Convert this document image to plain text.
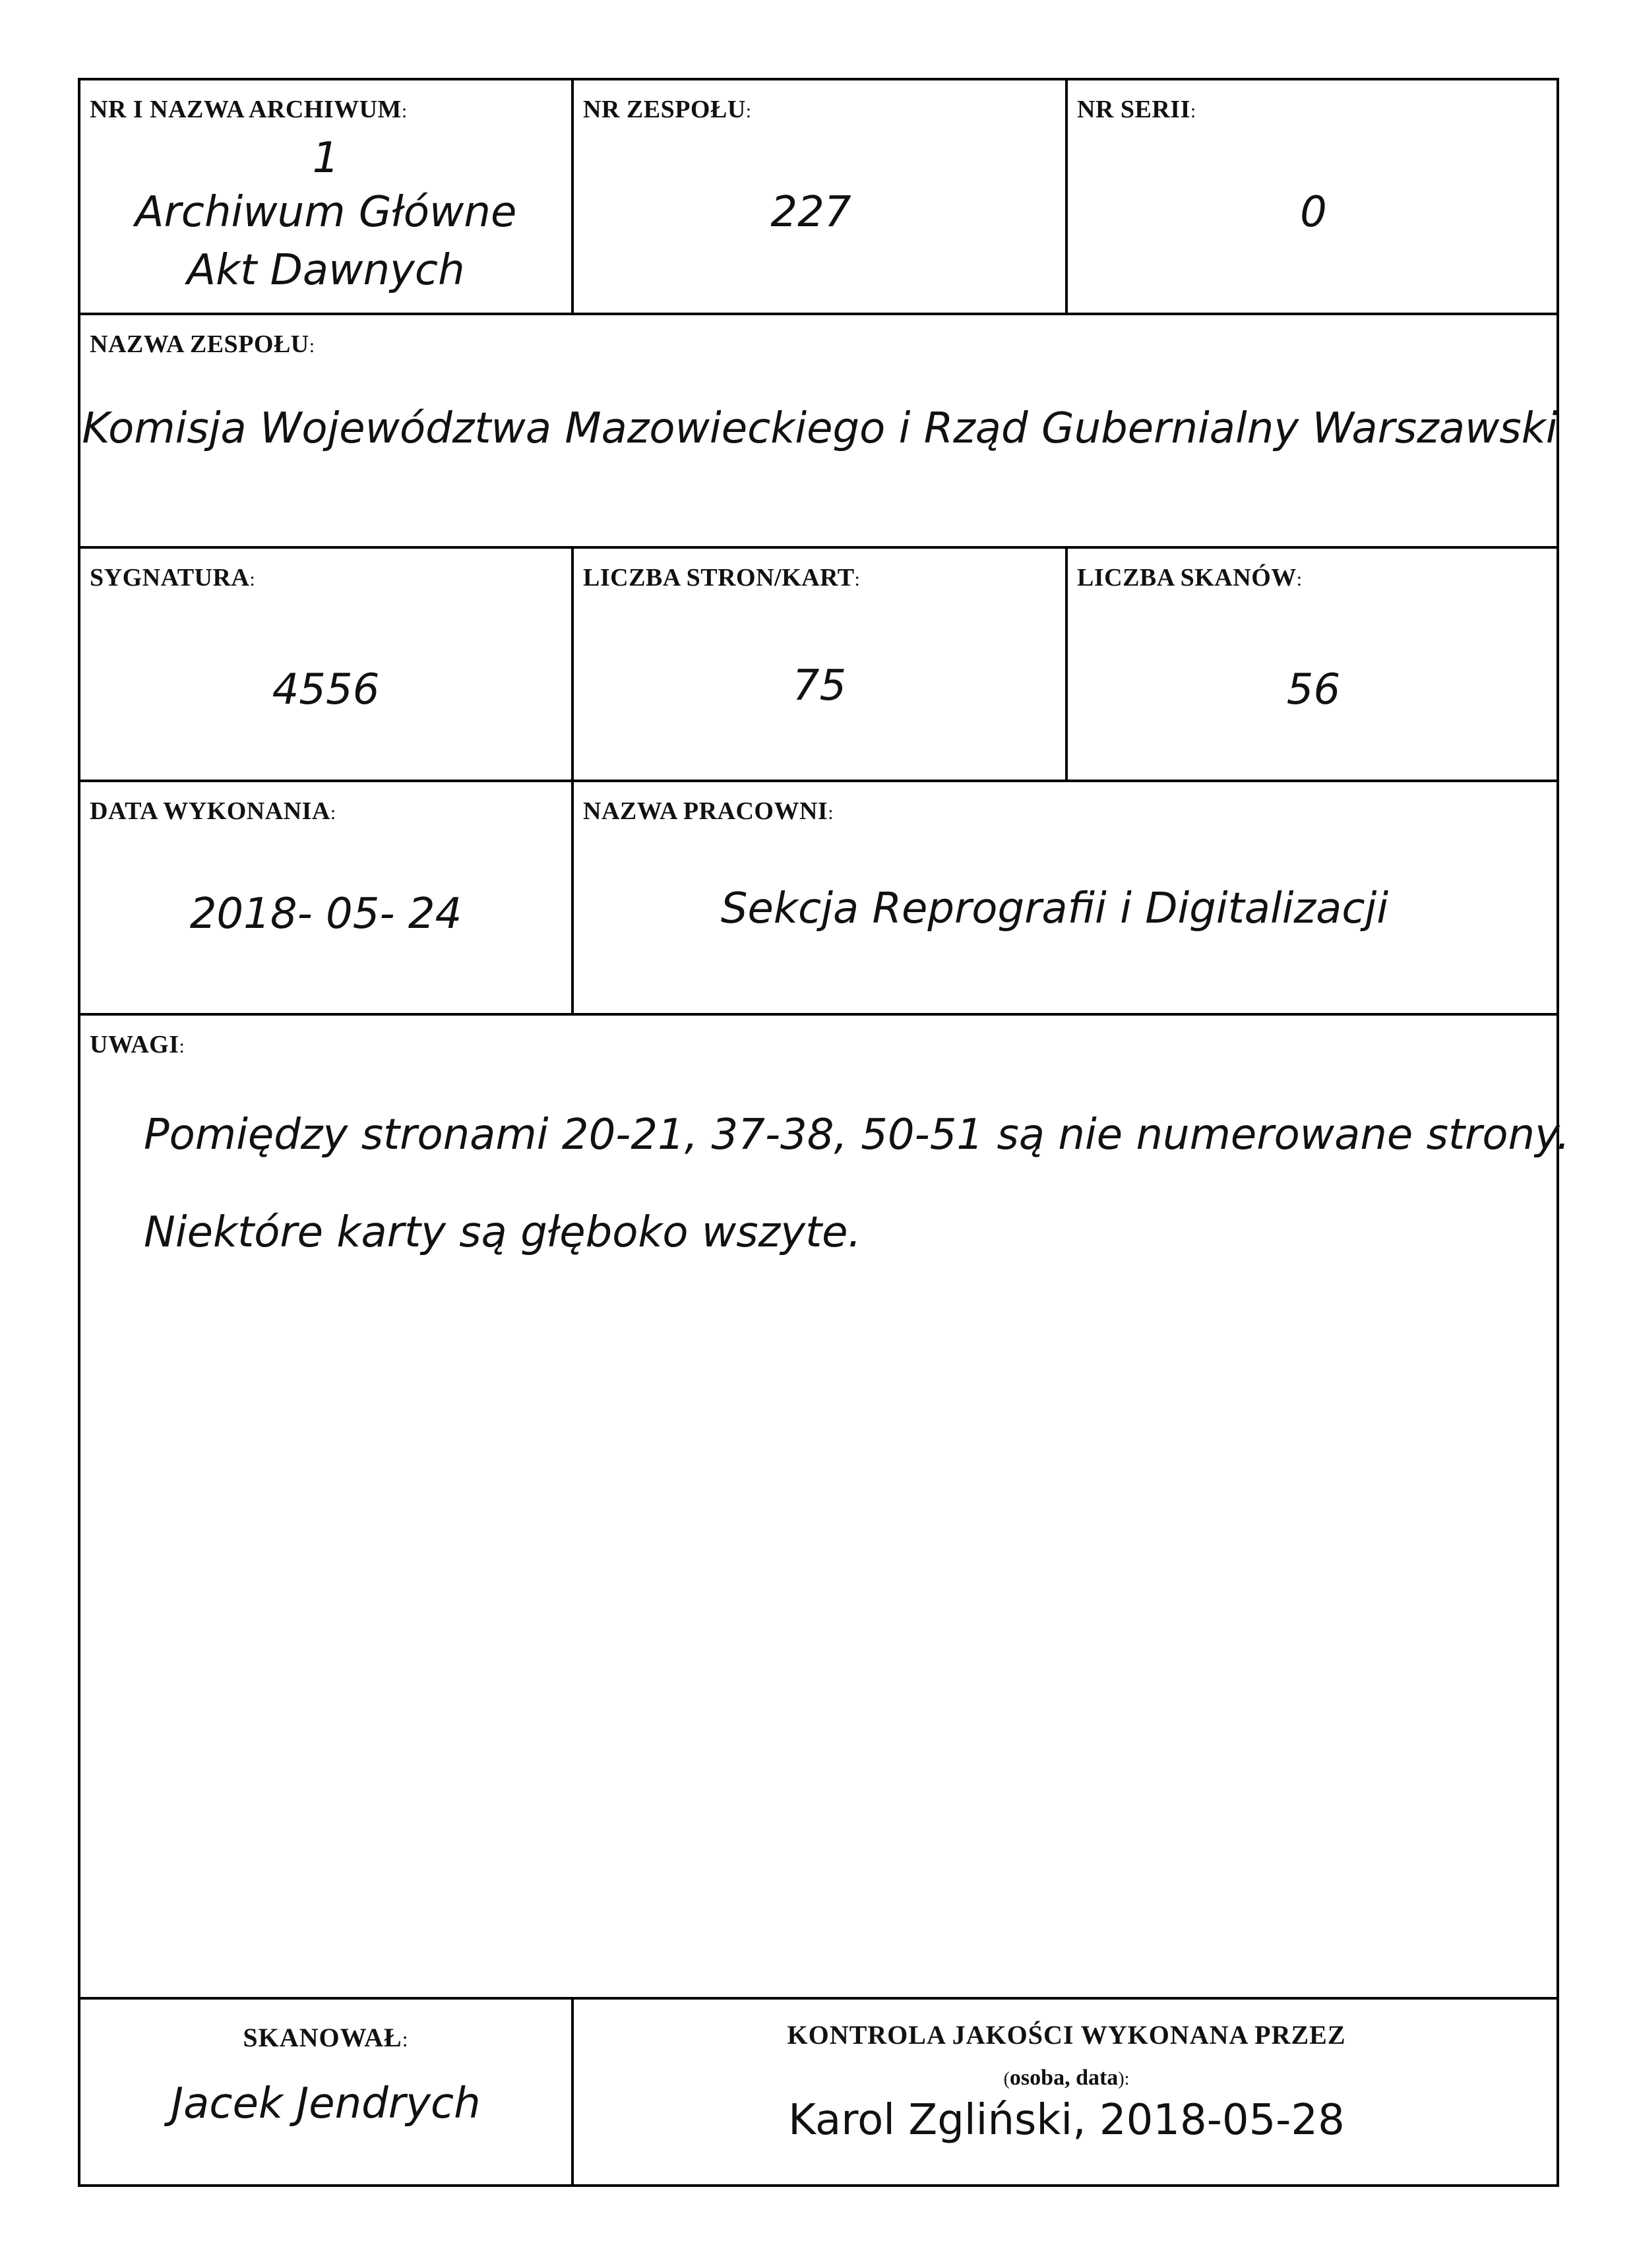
NR I NAZWA ARCHIWUM:
1
Archiwum Główne
Akt Dawnych
NR ZESPOŁU:
227
NR SERII:
0
NAZWA ZESPOŁU:
Komisja Województwa Mazowieckiego i Rząd Gubernialny Warszawski
SYGNATURA:
4556
LICZBA STRON/KART:
75
LICZBA SKANÓW:
56
DATA WYKONANIA:
2018- 05- 24
NAZWA PRACOWNI:
Sekcja Reprografii i Digitalizacji
UWAGI:
Pomiędzy stronami 20-21, 37-38, 50-51 są nie numerowane strony.
Niektóre karty są głęboko wszyte.
SKANOWAŁ:
Jacek Jendrych
KONTROLA JAKOŚCI WYKONANA PRZEZ
(osoba, data):
Karol Zgliński, 2018-05-28
